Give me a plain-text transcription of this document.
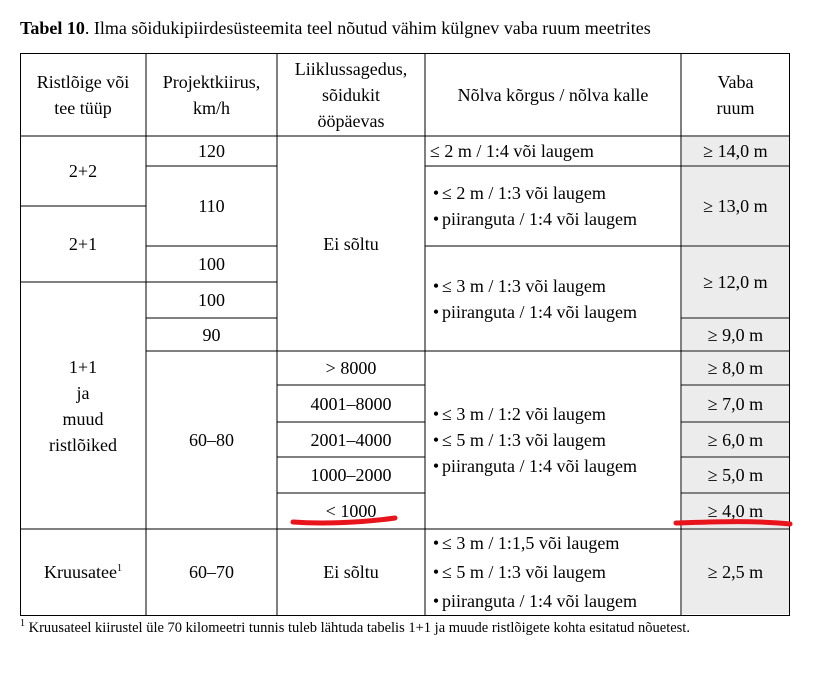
Tabel 10. Ilma sõidukipiirdesüsteemita teel nõutud vähim külgnev vaba ruum meetrites
Ristlõige või
tee tüüp
Projektkiirus,
km/h
Liiklussagedus,
sõidukit
ööpäevas
Nõlva kõrgus / nõlva kalle
Vaba
ruum
2+2
2+1
1+1
ja
muud
ristlõiked
Kruusatee$^1$
120
110
100
100
90
60–80
60–70
Ei sõltu
> 8000
4001–8000
2001–4000
1000–2000
< 1000
Ei sõltu
≤ 2 m / 1:4 või laugem
• ≤ 2 m / 1:3 või laugem
• piiranguta / 1:4 või laugem
• ≤ 3 m / 1:3 või laugem
• piiranguta / 1:4 või laugem
• ≤ 3 m / 1:2 või laugem
• ≤ 5 m / 1:3 või laugem
• piiranguta / 1:4 või laugem
• ≤ 3 m / 1:1,5 või laugem
• ≤ 5 m / 1:3 või laugem
• piiranguta / 1:4 või laugem
≥ 14,0 m
≥ 13,0 m
≥ 12,0 m
≥ 9,0 m
≥ 8,0 m
≥ 7,0 m
≥ 6,0 m
≥ 5,0 m
≥ 4,0 m
≥ 2,5 m
$^1$ Kruusateel kiirustel üle 70 kilomeetri tunnis tuleb lähtuda tabelis 1+1 ja muude ristlõigete kohta esitatud nõuetest.
